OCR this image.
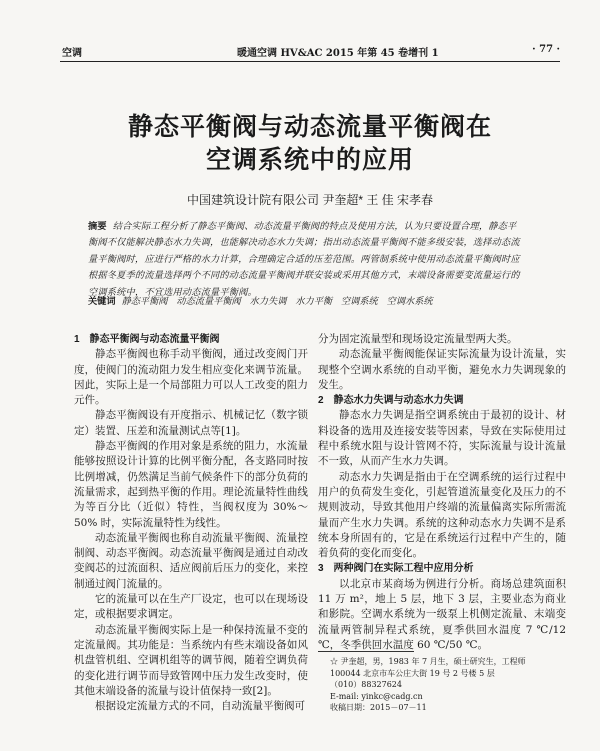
空调	暖通空调 HV&AC 2015 年第 45 卷增刊 1	· 77 ·
静态平衡阀与动态流量平衡阀在
空调系统中的应用
中国建筑设计院有限公司 尹奎超* 王 佳 宋孝春
摘要 结合实际工程分析了静态平衡阀、动态流量平衡阀的特点及使用方法，认为只要设置合理，静态平衡阀不仅能解决静态水力失调，也能解决动态水力失调；指出动态流量平衡阀不能多级安装，选择动态流量平衡阀时，应进行严格的水力计算，合理确定合适的压差范围。两管制系统中使用动态流量平衡阀时应根据冬夏季的流量选择两个不同的动态流量平衡阀并联安装或采用其他方式，末端设备需要变流量运行的空调系统中，不宜选用动态流量平衡阀。
关键词 静态平衡阀 动态流量平衡阀 水力失调 水力平衡 空调系统 空调水系统
1　静态平衡阀与动态流量平衡阀

静态平衡阀也称手动平衡阀，通过改变阀门开度，使阀门的流动阻力发生相应变化来调节流量。因此，实际上是一个局部阻力可以人工改变的阻力元件。

静态平衡阀设有开度指示、机械记忆（数字锁定）装置、压差和流量测试点等[1]。

静态平衡阀的作用对象是系统的阻力，水流量能够按照设计计算的比例平衡分配，各支路同时按比例增减，仍然满足当前气候条件下的部分负荷的流量需求，起到热平衡的作用。理论流量特性曲线为等百分比（近似）特性，当阀权度为 30%～50% 时，实际流量特性为线性。

动态流量平衡阀也称自动流量平衡阀、流量控制阀、动态平衡阀。动态流量平衡阀是通过自动改变阀芯的过流面积、适应阀前后压力的变化，来控制通过阀门流量的。

它的流量可以在生产厂设定，也可以在现场设定，或根据要求调定。

动态流量平衡阀实际上是一种保持流量不变的定流量阀。其功能是：当系统内有些末端设备如风机盘管机组、空调机组等的调节阀，随着空调负荷的变化进行调节而导致管网中压力发生改变时，使其他末端设备的流量与设计值保持一致[2]。

根据设定流量方式的不同，自动流量平衡阀可

分为固定流量型和现场设定流量型两大类。

动态流量平衡阀能保证实际流量为设计流量，实现整个空调水系统的自动平衡，避免水力失调现象的发生。

2　静态水力失调与动态水力失调

静态水力失调是指空调系统由于最初的设计、材料设备的选用及连接安装等因素，导致在实际使用过程中系统水阻与设计管网不符，实际流量与设计流量不一致，从而产生水力失调。

动态水力失调是指由于在空调系统的运行过程中用户的负荷发生变化，引起管道流量变化及压力的不规则波动，导致其他用户终端的流量偏离实际所需流量而产生水力失调。系统的这种动态水力失调不是系统本身所固有的，它是在系统运行过程中产生的，随着负荷的变化而变化。

3　两种阀门在实际工程中应用分析

以北京市某商场为例进行分析。商场总建筑面积 11 万 m²，地上 5 层，地下 3 层，主要业态为商业和影院。空调水系统为一级泵上机侧定流量、末端变流量两管制异程式系统，夏季供回水温度 7 ℃/12 ℃，冬季供回水温度 60 ℃/50 ℃。

☆ 尹奎超，男，1983 年 7 月生，硕士研究生，工程师
100044 北京市车公庄大街 19 号 2 号楼 5 层
（010）88327624
E-mail: yinkc@cadg.cn
收稿日期：2015－07－11
